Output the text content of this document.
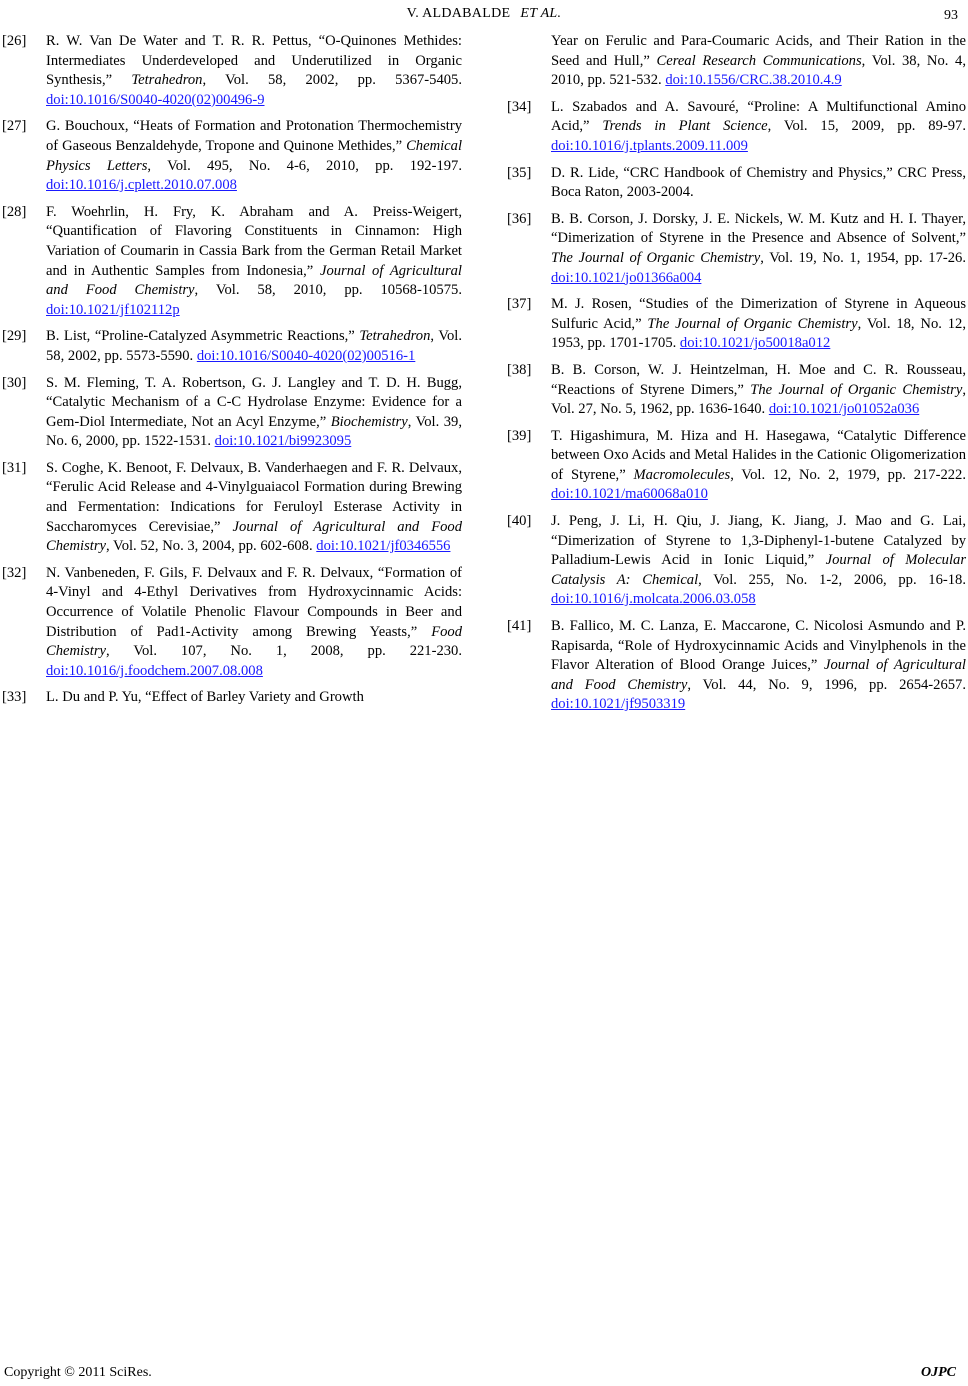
V. ALDABALDE ET AL.	93
[26]	R. W. Van De Water and T. R. R. Pettus, “O-Quinones Methides: Intermediates Underdeveloped and Underutilized in Organic Synthesis,” Tetrahedron, Vol. 58, 2002, pp. 5367-5405. doi:10.1016/S0040-4020(02)00496-9
[27]	G. Bouchoux, “Heats of Formation and Protonation Thermochemistry of Gaseous Benzaldehyde, Tropone and Quinone Methides,” Chemical Physics Letters, Vol. 495, No. 4-6, 2010, pp. 192-197. doi:10.1016/j.cplett.2010.07.008
[28]	F. Woehrlin, H. Fry, K. Abraham and A. Preiss-Weigert, “Quantification of Flavoring Constituents in Cinnamon: High Variation of Coumarin in Cassia Bark from the German Retail Market and in Authentic Samples from Indonesia,” Journal of Agricultural and Food Chemistry, Vol. 58, 2010, pp. 10568-10575. doi:10.1021/jf102112p
[29]	B. List, “Proline-Catalyzed Asymmetric Reactions,” Tetrahedron, Vol. 58, 2002, pp. 5573-5590. doi:10.1016/S0040-4020(02)00516-1
[30]	S. M. Fleming, T. A. Robertson, G. J. Langley and T. D. H. Bugg, “Catalytic Mechanism of a C-C Hydrolase Enzyme: Evidence for a Gem-Diol Intermediate, Not an Acyl Enzyme,” Biochemistry, Vol. 39, No. 6, 2000, pp. 1522-1531. doi:10.1021/bi9923095
[31]	S. Coghe, K. Benoot, F. Delvaux, B. Vanderhaegen and F. R. Delvaux, “Ferulic Acid Release and 4-Vinylguaiacol Formation during Brewing and Fermentation: Indications for Feruloyl Esterase Activity in Saccharomyces Cerevisiae,” Journal of Agricultural and Food Chemistry, Vol. 52, No. 3, 2004, pp. 602-608. doi:10.1021/jf0346556
[32]	N. Vanbeneden, F. Gils, F. Delvaux and F. R. Delvaux, “Formation of 4-Vinyl and 4-Ethyl Derivatives from Hydroxycinnamic Acids: Occurrence of Volatile Phenolic Flavour Compounds in Beer and Distribution of Pad1-Activity among Brewing Yeasts,” Food Chemistry, Vol. 107, No. 1, 2008, pp. 221-230. doi:10.1016/j.foodchem.2007.08.008
[33]	L. Du and P. Yu, “Effect of Barley Variety and Growth
Year on Ferulic and Para-Coumaric Acids, and Their Ration in the Seed and Hull,” Cereal Research Communications, Vol. 38, No. 4, 2010, pp. 521-532. doi:10.1556/CRC.38.2010.4.9
[34]	L. Szabados and A. Savouré, “Proline: A Multifunctional Amino Acid,” Trends in Plant Science, Vol. 15, 2009, pp. 89-97. doi:10.1016/j.tplants.2009.11.009
[35]	D. R. Lide, “CRC Handbook of Chemistry and Physics,” CRC Press, Boca Raton, 2003-2004.
[36]	B. B. Corson, J. Dorsky, J. E. Nickels, W. M. Kutz and H. I. Thayer, “Dimerization of Styrene in the Presence and Absence of Solvent,” The Journal of Organic Chemistry, Vol. 19, No. 1, 1954, pp. 17-26. doi:10.1021/jo01366a004
[37]	M. J. Rosen, “Studies of the Dimerization of Styrene in Aqueous Sulfuric Acid,” The Journal of Organic Chemistry, Vol. 18, No. 12, 1953, pp. 1701-1705. doi:10.1021/jo50018a012
[38]	B. B. Corson, W. J. Heintzelman, H. Moe and C. R. Rousseau, “Reactions of Styrene Dimers,” The Journal of Organic Chemistry, Vol. 27, No. 5, 1962, pp. 1636-1640. doi:10.1021/jo01052a036
[39]	T. Higashimura, M. Hiza and H. Hasegawa, “Catalytic Difference between Oxo Acids and Metal Halides in the Cationic Oligomerization of Styrene,” Macromolecules, Vol. 12, No. 2, 1979, pp. 217-222. doi:10.1021/ma60068a010
[40]	J. Peng, J. Li, H. Qiu, J. Jiang, K. Jiang, J. Mao and G. Lai, “Dimerization of Styrene to 1,3-Diphenyl-1-butene Catalyzed by Palladium-Lewis Acid in Ionic Liquid,” Journal of Molecular Catalysis A: Chemical, Vol. 255, No. 1-2, 2006, pp. 16-18. doi:10.1016/j.molcata.2006.03.058
[41]	B. Fallico, M. C. Lanza, E. Maccarone, C. Nicolosi Asmundo and P. Rapisarda, “Role of Hydroxycinnamic Acids and Vinylphenols in the Flavor Alteration of Blood Orange Juices,” Journal of Agricultural and Food Chemistry, Vol. 44, No. 9, 1996, pp. 2654-2657. doi:10.1021/jf9503319
Copyright © 2011 SciRes.	OJPC
